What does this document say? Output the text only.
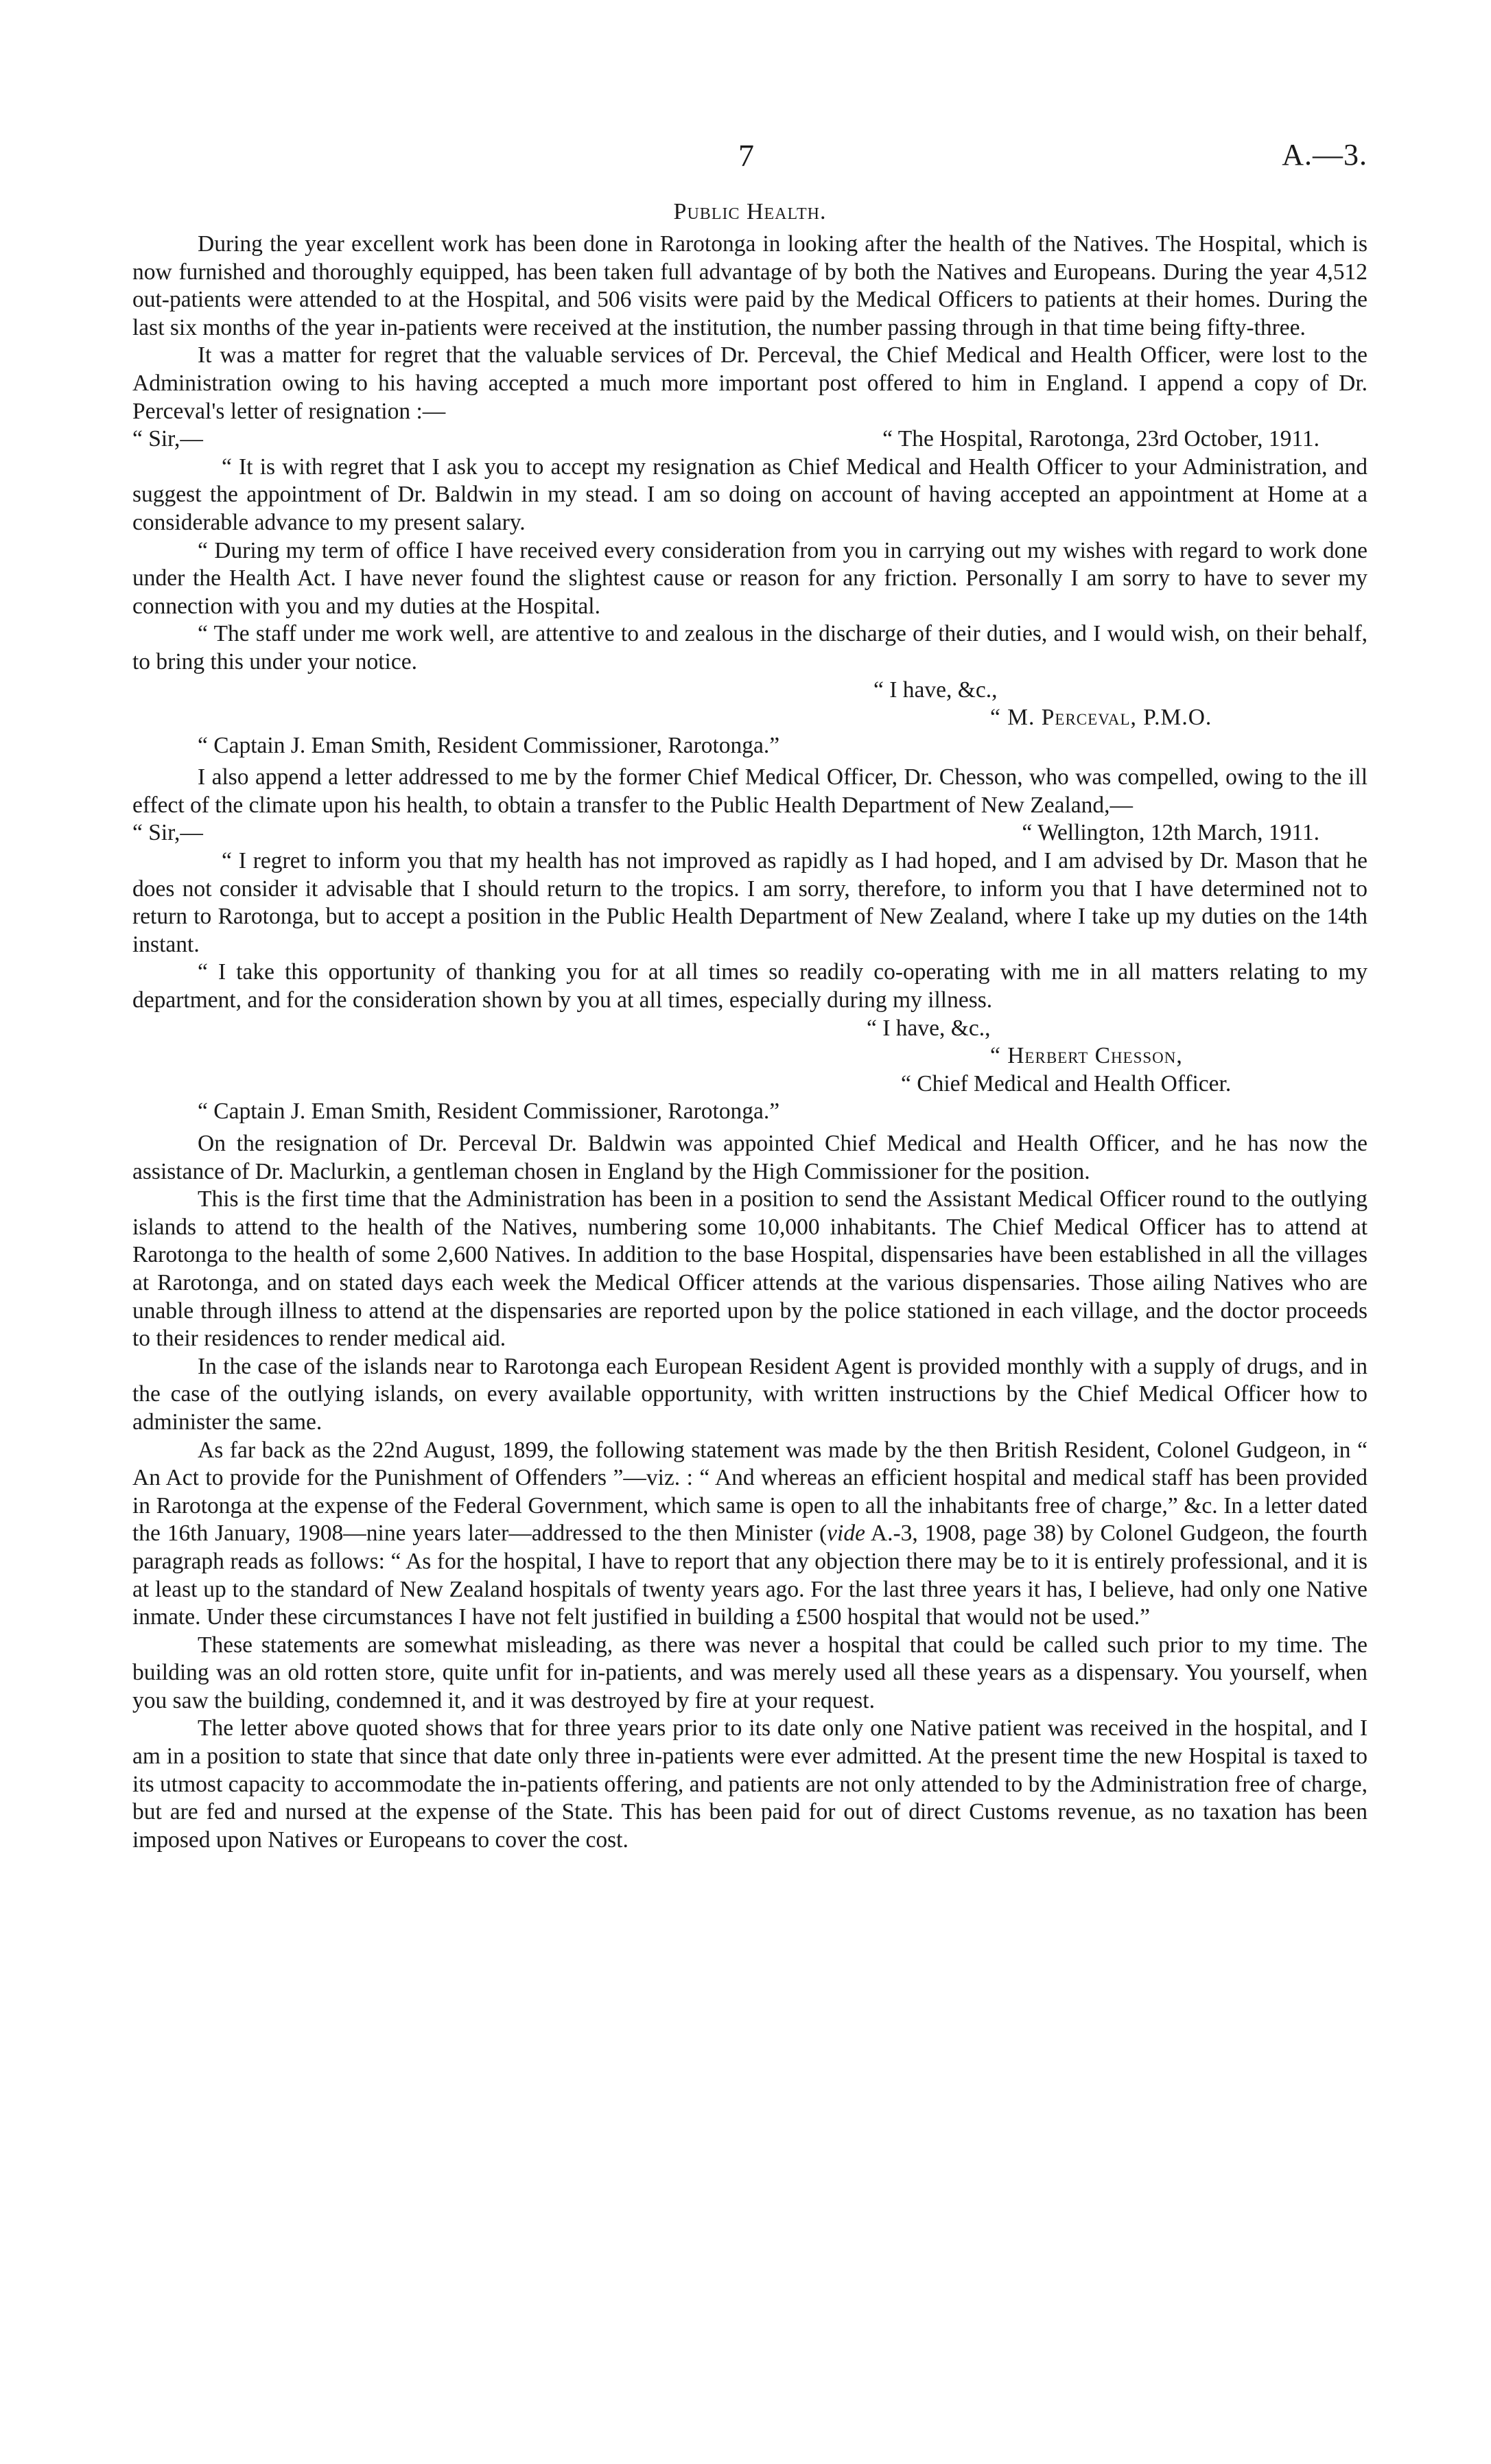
7	A.—3.
Public Health.

During the year excellent work has been done in Rarotonga in looking after the health of the Natives. The Hospital, which is now furnished and thoroughly equipped, has been taken full advantage of by both the Natives and Europeans. During the year 4,512 out-patients were attended to at the Hospital, and 506 visits were paid by the Medical Officers to patients at their homes. During the last six months of the year in-patients were received at the institution, the number passing through in that time being fifty-three.

It was a matter for regret that the valuable services of Dr. Perceval, the Chief Medical and Health Officer, were lost to the Administration owing to his having accepted a much more important post offered to him in England. I append a copy of Dr. Perceval's letter of resignation :—

“ Sir,—	“ The Hospital, Rarotonga, 23rd October, 1911.

“ It is with regret that I ask you to accept my resignation as Chief Medical and Health Officer to your Administration, and suggest the appointment of Dr. Baldwin in my stead. I am so doing on account of having accepted an appointment at Home at a considerable advance to my present salary.

“ During my term of office I have received every consideration from you in carrying out my wishes with regard to work done under the Health Act. I have never found the slightest cause or reason for any friction. Personally I am sorry to have to sever my connection with you and my duties at the Hospital.

“ The staff under me work well, are attentive to and zealous in the discharge of their duties, and I would wish, on their behalf, to bring this under your notice.

“ I have, &c.,

“ M. Perceval, P.M.O.

“ Captain J. Eman Smith, Resident Commissioner, Rarotonga.”

I also append a letter addressed to me by the former Chief Medical Officer, Dr. Chesson, who was compelled, owing to the ill effect of the climate upon his health, to obtain a transfer to the Public Health Department of New Zealand,—

“ Sir,—	“ Wellington, 12th March, 1911.

“ I regret to inform you that my health has not improved as rapidly as I had hoped, and I am advised by Dr. Mason that he does not consider it advisable that I should return to the tropics. I am sorry, therefore, to inform you that I have determined not to return to Rarotonga, but to accept a position in the Public Health Department of New Zealand, where I take up my duties on the 14th instant.

“ I take this opportunity of thanking you for at all times so readily co-operating with me in all matters relating to my department, and for the consideration shown by you at all times, especially during my illness.

“ I have, &c.,

“ Herbert Chesson,

“ Chief Medical and Health Officer.

“ Captain J. Eman Smith, Resident Commissioner, Rarotonga.”

On the resignation of Dr. Perceval Dr. Baldwin was appointed Chief Medical and Health Officer, and he has now the assistance of Dr. Maclurkin, a gentleman chosen in England by the High Commissioner for the position.

This is the first time that the Administration has been in a position to send the Assistant Medical Officer round to the outlying islands to attend to the health of the Natives, numbering some 10,000 inhabitants. The Chief Medical Officer has to attend at Rarotonga to the health of some 2,600 Natives. In addition to the base Hospital, dispensaries have been established in all the villages at Rarotonga, and on stated days each week the Medical Officer attends at the various dispensaries. Those ailing Natives who are unable through illness to attend at the dispensaries are reported upon by the police stationed in each village, and the doctor proceeds to their residences to render medical aid.

In the case of the islands near to Rarotonga each European Resident Agent is provided monthly with a supply of drugs, and in the case of the outlying islands, on every available opportunity, with written instructions by the Chief Medical Officer how to administer the same.

As far back as the 22nd August, 1899, the following statement was made by the then British Resident, Colonel Gudgeon, in “ An Act to provide for the Punishment of Offenders ”—viz. : “ And whereas an efficient hospital and medical staff has been provided in Rarotonga at the expense of the Federal Government, which same is open to all the inhabitants free of charge,” &c. In a letter dated the 16th January, 1908—nine years later—addressed to the then Minister (vide A.-3, 1908, page 38) by Colonel Gudgeon, the fourth paragraph reads as follows: “ As for the hospital, I have to report that any objection there may be to it is entirely professional, and it is at least up to the standard of New Zealand hospitals of twenty years ago. For the last three years it has, I believe, had only one Native inmate. Under these circumstances I have not felt justified in building a £500 hospital that would not be used.”

These statements are somewhat misleading, as there was never a hospital that could be called such prior to my time. The building was an old rotten store, quite unfit for in-patients, and was merely used all these years as a dispensary. You yourself, when you saw the building, condemned it, and it was destroyed by fire at your request.

The letter above quoted shows that for three years prior to its date only one Native patient was received in the hospital, and I am in a position to state that since that date only three in-patients were ever admitted. At the present time the new Hospital is taxed to its utmost capacity to accommodate the in-patients offering, and patients are not only attended to by the Administration free of charge, but are fed and nursed at the expense of the State. This has been paid for out of direct Customs revenue, as no taxation has been imposed upon Natives or Europeans to cover the cost.
